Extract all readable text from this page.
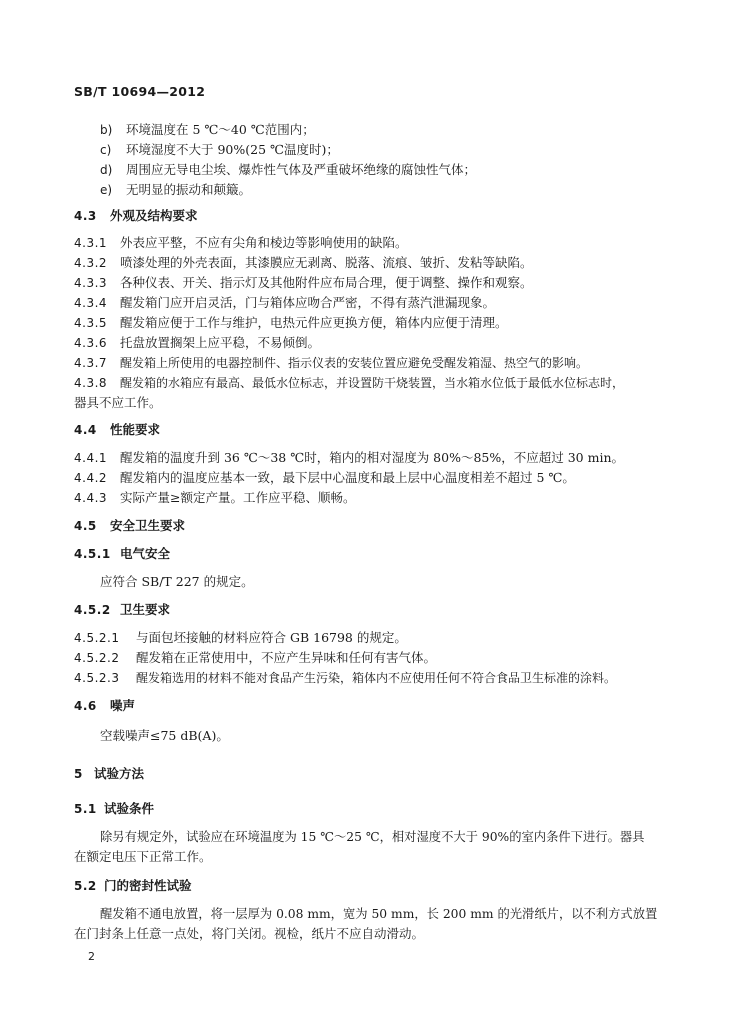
SB/T 10694—2012
b) 环境温度在 5 ℃～40 ℃范围内；
c) 环境湿度不大于 90%(25 ℃温度时)；
d) 周围应无导电尘埃、爆炸性气体及严重破坏绝缘的腐蚀性气体；
e) 无明显的振动和颠簸。
4.3 外观及结构要求
4.3.1 外表应平整，不应有尖角和棱边等影响使用的缺陷。
4.3.2 喷漆处理的外壳表面，其漆膜应无剥离、脱落、流痕、皱折、发粘等缺陷。
4.3.3 各种仪表、开关、指示灯及其他附件应布局合理，便于调整、操作和观察。
4.3.4 醒发箱门应开启灵活，门与箱体应吻合严密，不得有蒸汽泄漏现象。
4.3.5 醒发箱应便于工作与维护，电热元件应更换方便，箱体内应便于清理。
4.3.6 托盘放置搁架上应平稳，不易倾倒。
4.3.7 醒发箱上所使用的电器控制件、指示仪表的安装位置应避免受醒发箱湿、热空气的影响。
4.3.8 醒发箱的水箱应有最高、最低水位标志，并设置防干烧装置，当水箱水位低于最低水位标志时，
器具不应工作。
4.4 性能要求
4.4.1 醒发箱的温度升到 36 ℃～38 ℃时，箱内的相对湿度为 80%～85%，不应超过 30 min。
4.4.2 醒发箱内的温度应基本一致，最下层中心温度和最上层中心温度相差不超过 5 ℃。
4.4.3 实际产量≥额定产量。工作应平稳、顺畅。
4.5 安全卫生要求
4.5.1 电气安全
应符合 SB/T 227 的规定。
4.5.2 卫生要求
4.5.2.1 与面包坯接触的材料应符合 GB 16798 的规定。
4.5.2.2 醒发箱在正常使用中，不应产生异味和任何有害气体。
4.5.2.3 醒发箱选用的材料不能对食品产生污染，箱体内不应使用任何不符合食品卫生标准的涂料。
4.6 噪声
空载噪声≤75 dB(A)。
5 试验方法
5.1 试验条件
除另有规定外，试验应在环境温度为 15 ℃～25 ℃，相对湿度不大于 90%的室内条件下进行。器具
在额定电压下正常工作。
5.2 门的密封性试验
醒发箱不通电放置，将一层厚为 0.08 mm，宽为 50 mm，长 200 mm 的光滑纸片，以不利方式放置
在门封条上任意一点处，将门关闭。视检，纸片不应自动滑动。
2
